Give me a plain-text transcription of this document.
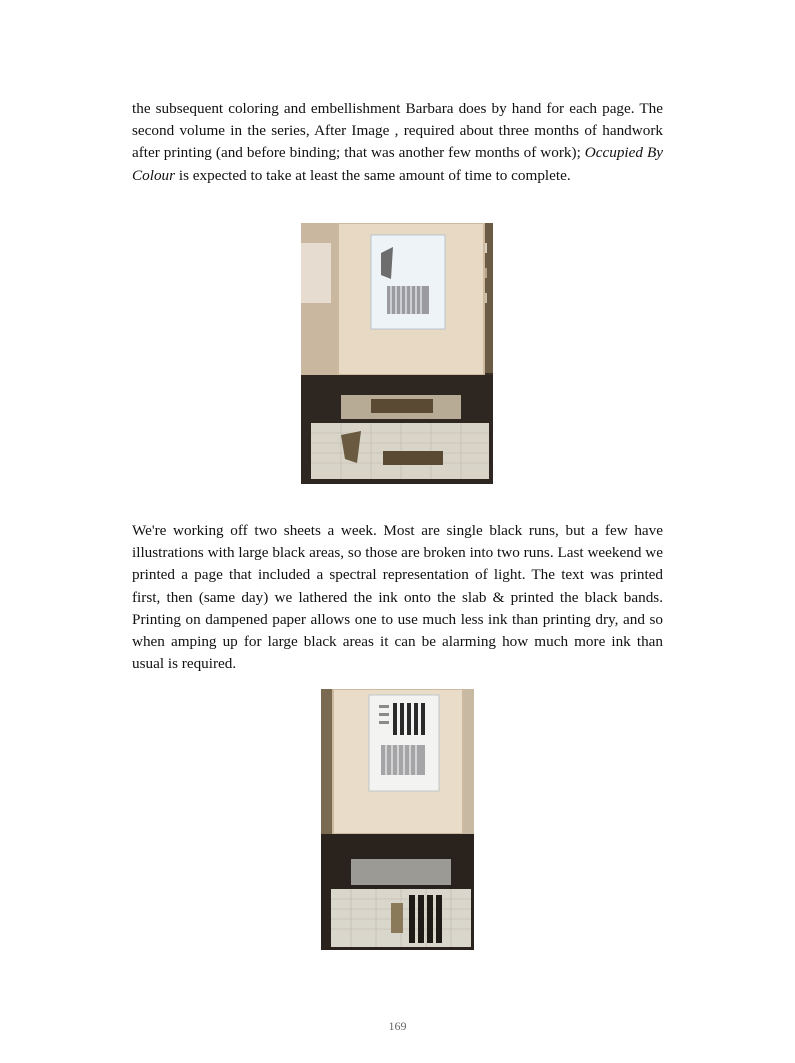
the subsequent coloring and embellishment Barbara does by hand for each page. The second volume in the series, After Image , required about three months of handwork after printing (and before binding; that was another few months of work); Occupied By Colour is expected to take at least the same amount of time to complete.

We're working off two sheets a week. Most are single black runs, but a few have illustrations with large black areas, so those are broken into two runs. Last weekend we printed a page that included a spectral representation of light. The text was printed first, then (same day) we lathered the ink onto the slab & printed the black bands. Printing on dampened paper allows one to use much less ink than printing dry, and so when amping up for large black areas it can be alarming how much more ink than usual is required.

169
